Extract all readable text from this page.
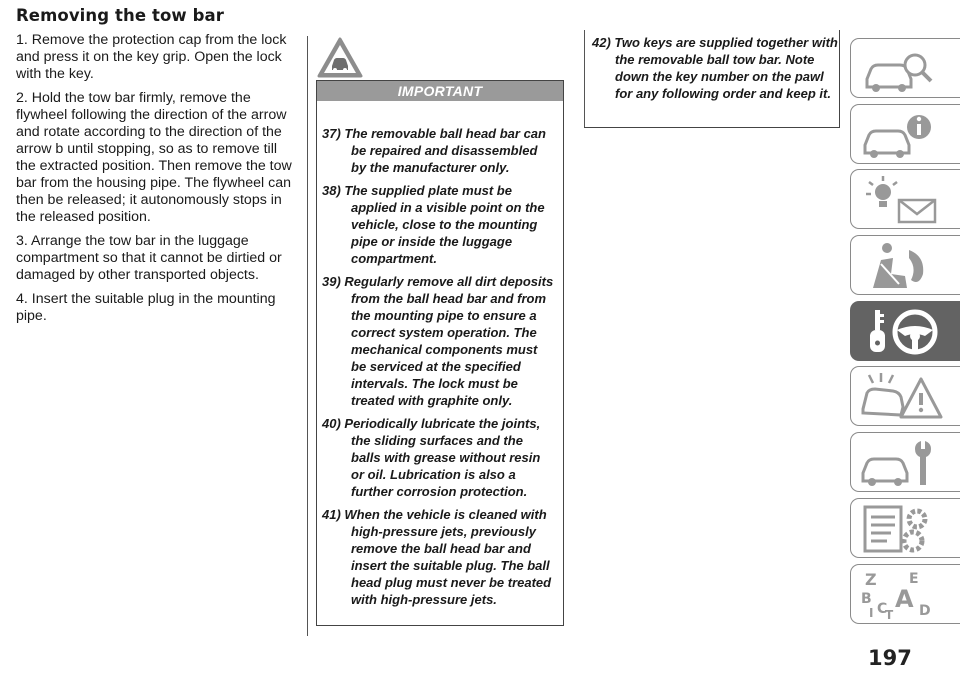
Removing the tow bar

1. Remove the protection cap from the lock and press it on the key grip. Open the lock with the key.

2. Hold the tow bar firmly, remove the flywheel following the direction of the arrow and rotate according to the direction of the arrow b until stopping, so as to remove till the extracted position. Then remove the tow bar from the housing pipe. The flywheel can then be released; it autonomously stops in the released position.

3. Arrange the tow bar in the luggage compartment so that it cannot be dirtied or damaged by other transported objects.

4. Insert the suitable plug in the mounting pipe.

IMPORTANT

37) The removable ball head bar can be repaired and disassembled by the manufacturer only.

38) The supplied plate must be applied in a visible point on the vehicle, close to the mounting pipe or inside the luggage compartment.

39) Regularly remove all dirt deposits from the ball head bar and from the mounting pipe to ensure a correct system operation. The mechanical components must be serviced at the specified intervals. The lock must be treated with graphite only.

40) Periodically lubricate the joints, the sliding surfaces and the balls with grease without resin or oil. Lubrication is also a further corrosion protection.

41) When the vehicle is cleaned with high-pressure jets, previously remove the ball head bar and insert the suitable plug. The ball head plug must never be treated with high-pressure jets.

42) Two keys are supplied together with the removable ball tow bar. Note down the key number on the pawl for any following order and keep it.

Z E
B A
I C D
T
197
